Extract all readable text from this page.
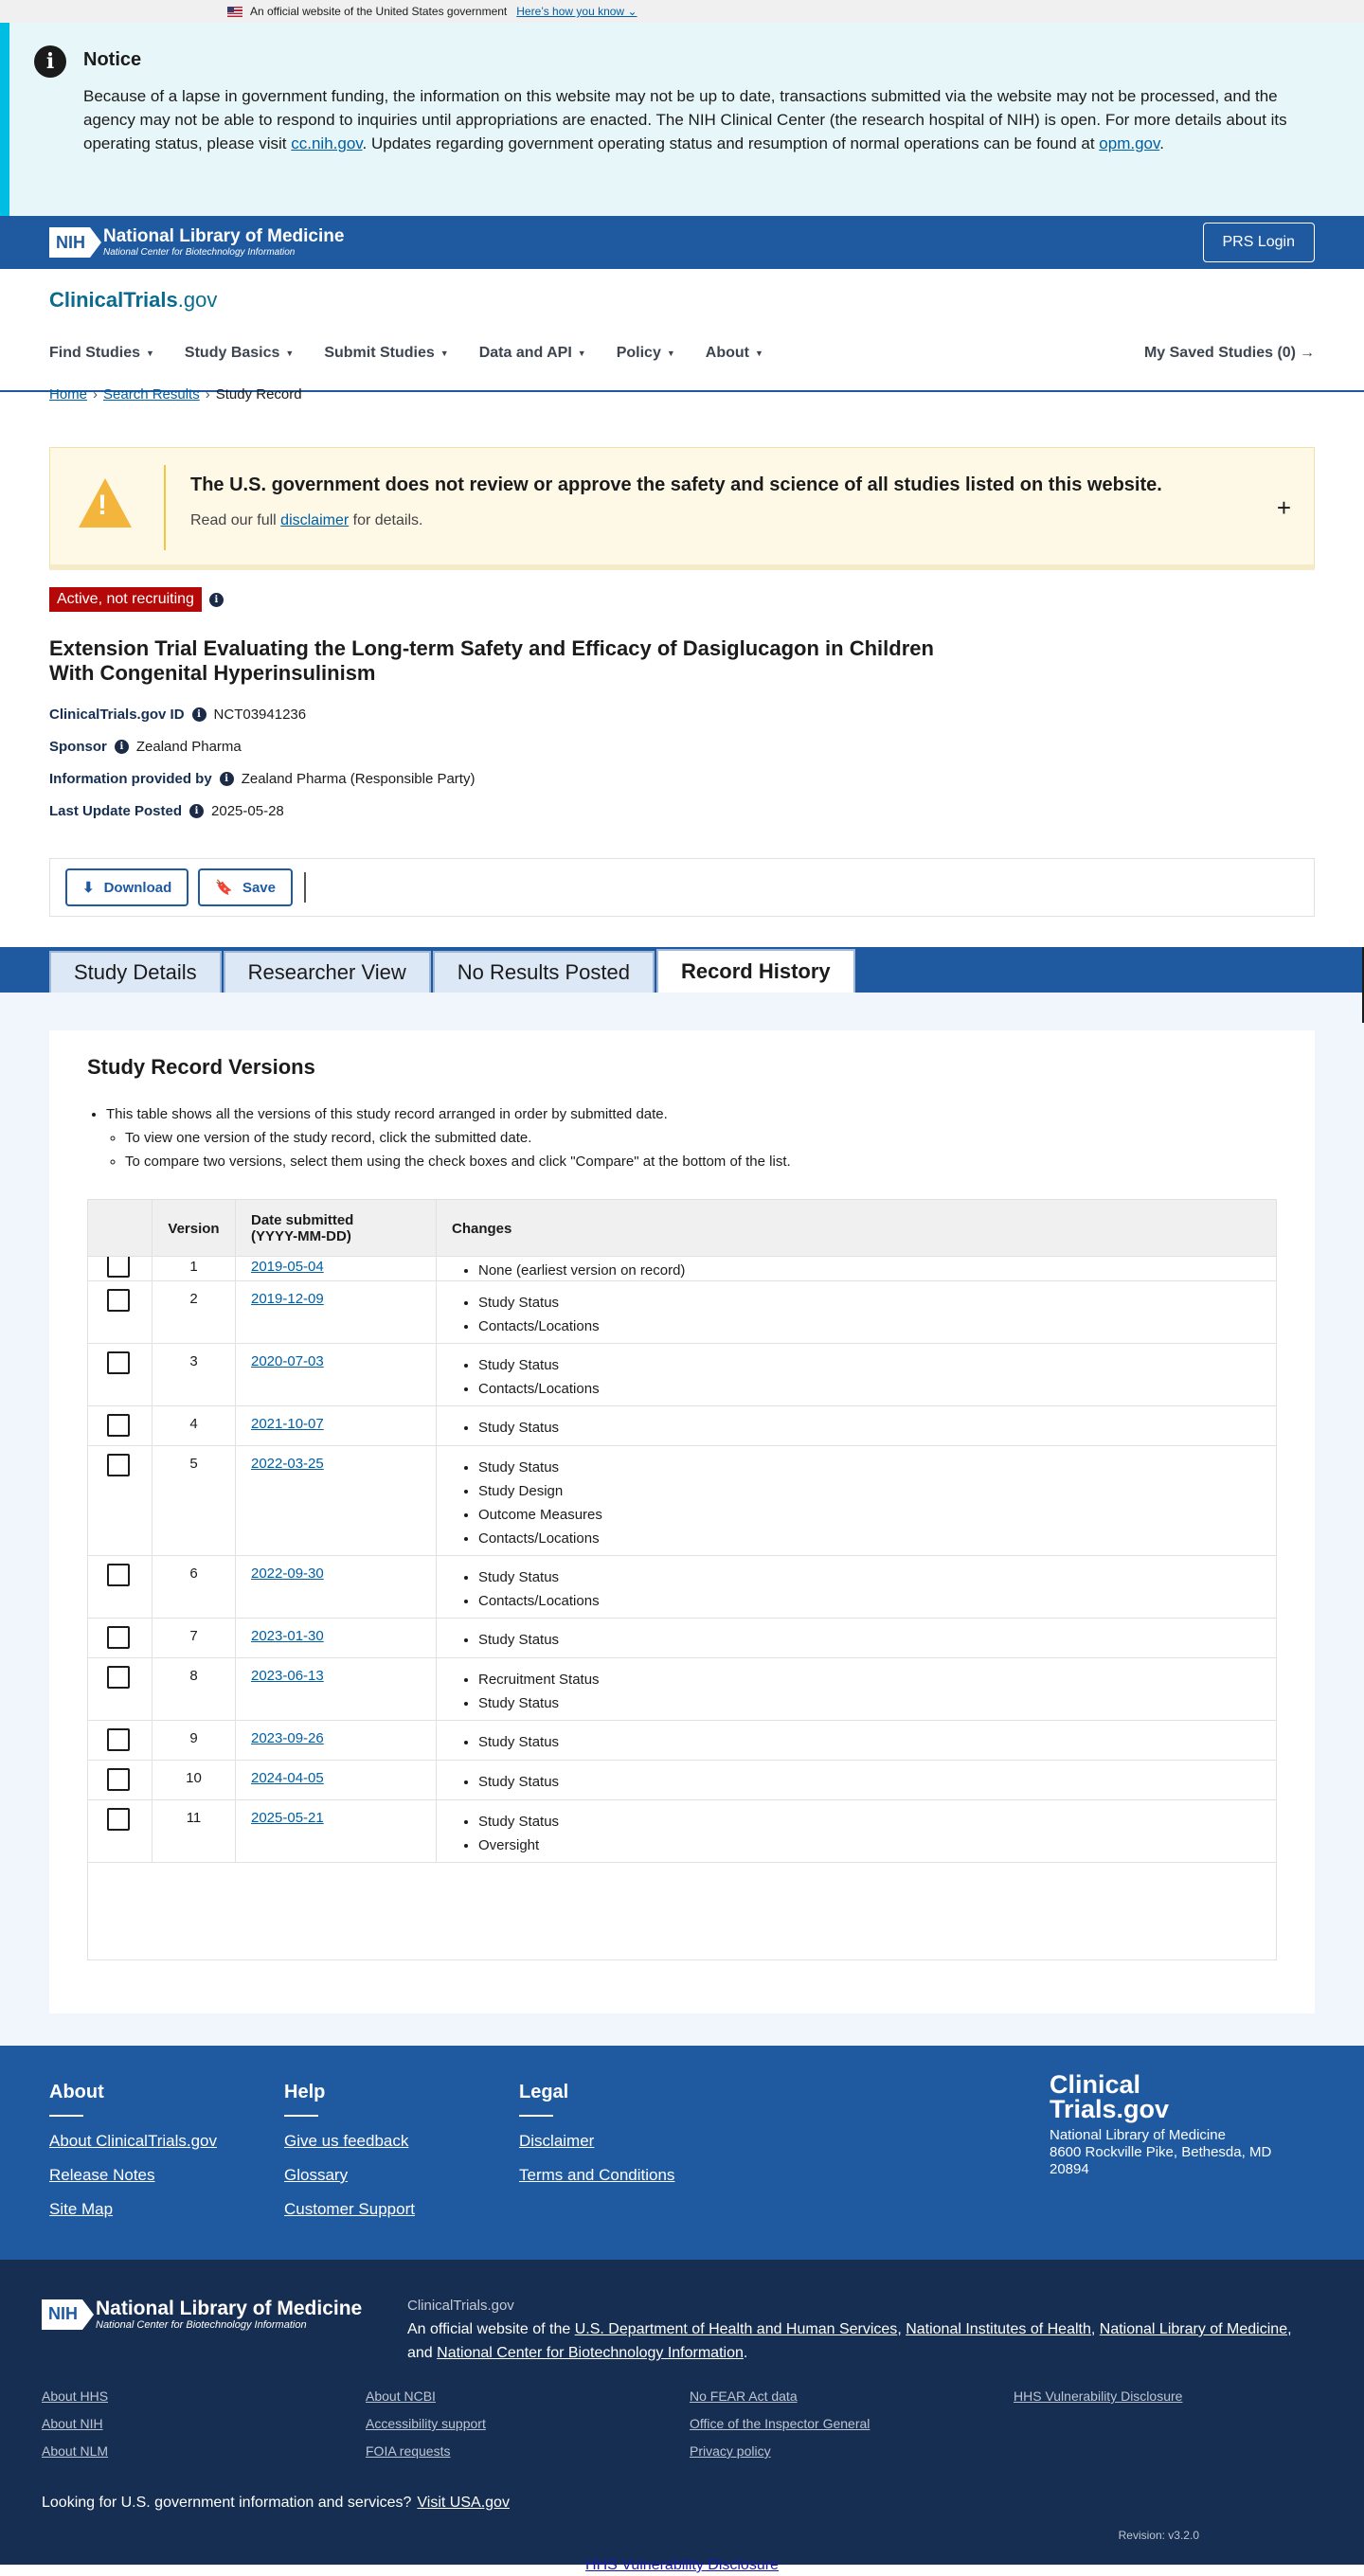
An official website of the United States government Here’s how you know ⌄
i	Notice

Because of a lapse in government funding, the information on this website may not be up to date, transactions submitted via the website may not be processed, and the agency may not be able to respond to inquiries until appropriations are enacted. The NIH Clinical Center (the research hospital of NIH) is open. For more details about its operating status, please visit cc.nih.gov. Updates regarding government operating status and resumption of normal operations can be found at opm.gov.

NIH National Library of Medicine
National Center for Biotechnology Information
PRS Login
ClinicalTrials.gov
Find Studies ▼ Study Basics ▼ Submit Studies ▼ Data and API ▼ Policy ▼ About ▼	My Saved Studies (0) →
Home › Search Results › Study Record
!
The U.S. government does not review or approve the safety and science of all studies listed on this website.

Read our full disclaimer for details.	+
Active, not recruiting	i
Extension Trial Evaluating the Long-term Safety and Efficacy of Dasiglucagon in Children With Congenital Hyperinsulinism
ClinicalTrials.gov ID	i NCT03941236
Sponsor	i Zealand Pharma
Information provided by	i Zealand Pharma (Responsible Party)
Last Update Posted	i 2025-05-28
⬇ Download	🔖 Save
Study Details	Researcher View	No Results Posted	Record History
Study Record Versions
• This table shows all the versions of this study record arranged in order by submitted date.
◦ To view one version of the study record, click the submitted date.
◦ To compare two versions, select them using the check boxes and click "Compare" at the bottom of the list.
Version	Date submitted
(YYYY-MM-DD)	Changes
1	2019-05-04	• None (earliest version on record)
2	2019-12-09	• Study Status
• Contacts/Locations
3	2020-07-03	• Study Status
• Contacts/Locations
4	2021-10-07	• Study Status
5	2022-03-25	• Study Status
• Study Design
• Outcome Measures
• Contacts/Locations
6	2022-09-30	• Study Status
• Contacts/Locations
7	2023-01-30	• Study Status
8	2023-06-13	• Recruitment Status
• Study Status
9	2023-09-26	• Study Status
10	2024-04-05	• Study Status
11	2025-05-21	• Study Status
• Oversight
About
About ClinicalTrials.gov
Release Notes
Site Map
Help
Give us feedback
Glossary
Customer Support
Legal
Disclaimer
Terms and Conditions
Clinical
Trials.gov
National Library of Medicine
8600 Rockville Pike, Bethesda, MD
20894
NIH National Library of Medicine
National Center for Biotechnology Information
ClinicalTrials.gov
An official website of the U.S. Department of Health and Human Services, National Institutes of Health, National Library of Medicine, and National Center for Biotechnology Information.
About HHS
About NIH
About NLM
About NCBI
Accessibility support
FOIA requests
No FEAR Act data
Office of the Inspector General
Privacy policy
HHS Vulnerability Disclosure
Looking for U.S. government information and services? Visit USA.gov
Revision: v3.2.0
HHS Vulnerability Disclosure
